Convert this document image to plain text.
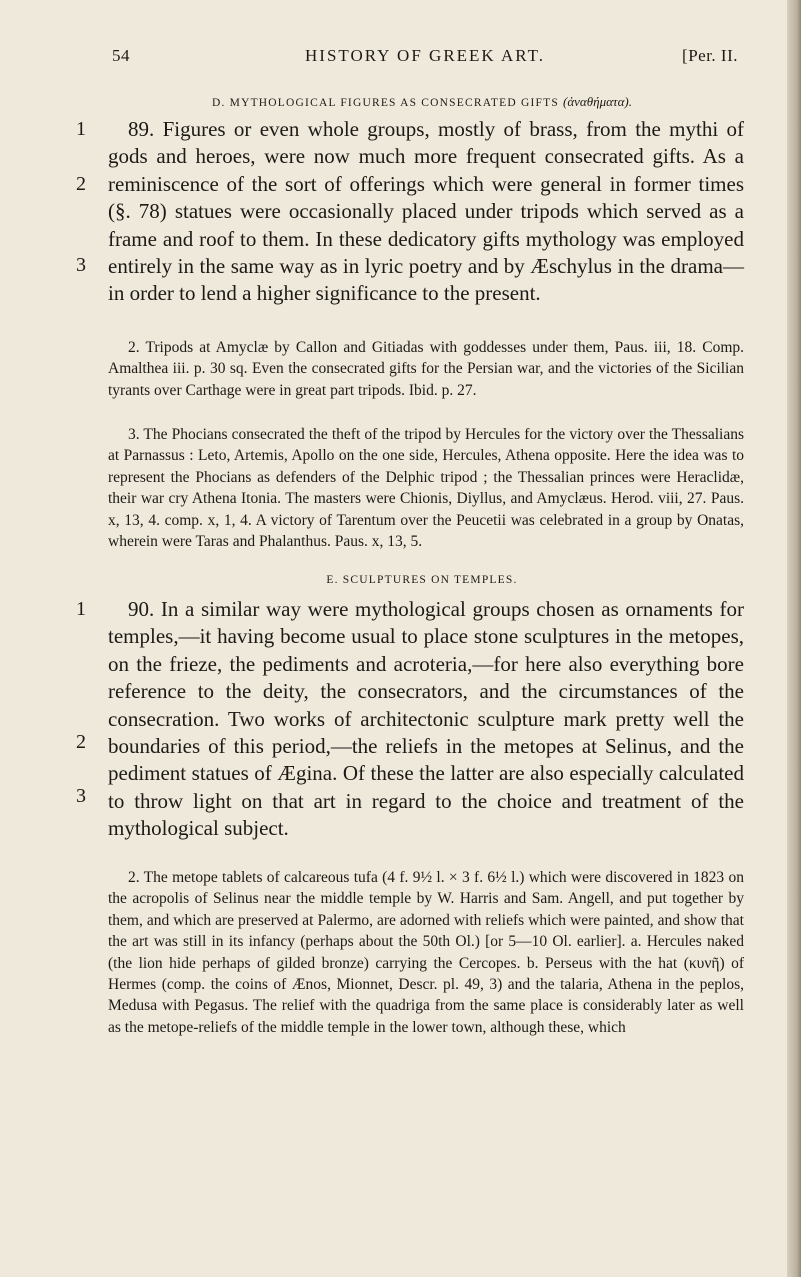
54	HISTORY OF GREEK ART.	[Per. II.
D. MYTHOLOGICAL FIGURES AS CONSECRATED GIFTS (ἀναθήματα).
1
2
3

89. Figures or even whole groups, mostly of brass, from the mythi of gods and heroes, were now much more frequent consecrated gifts. As a reminiscence of the sort of offerings which were general in former times (§. 78) statues were occasionally placed under tripods which served as a frame and roof to them. In these dedicatory gifts mythology was employed entirely in the same way as in lyric poetry and by Æschylus in the drama—in order to lend a higher significance to the present.

2. Tripods at Amyclæ by Callon and Gitiadas with goddesses under them, Paus. iii, 18. Comp. Amalthea iii. p. 30 sq. Even the consecrated gifts for the Persian war, and the victories of the Sicilian tyrants over Carthage were in great part tripods. Ibid. p. 27.

3. The Phocians consecrated the theft of the tripod by Hercules for the victory over the Thessalians at Parnassus : Leto, Artemis, Apollo on the one side, Hercules, Athena opposite. Here the idea was to represent the Phocians as defenders of the Delphic tripod ; the Thessalian princes were Heraclidæ, their war cry Athena Itonia. The masters were Chionis, Diyllus, and Amyclæus. Herod. viii, 27. Paus. x, 13, 4. comp. x, 1, 4. A victory of Tarentum over the Peucetii was celebrated in a group by Onatas, wherein were Taras and Phalanthus. Paus. x, 13, 5.

E. SCULPTURES ON TEMPLES.
1
2
3

90. In a similar way were mythological groups chosen as ornaments for temples,—it having become usual to place stone sculptures in the metopes, on the frieze, the pediments and acroteria,—for here also everything bore reference to the deity, the consecrators, and the circumstances of the consecration. Two works of architectonic sculpture mark pretty well the boundaries of this period,—the reliefs in the metopes at Selinus, and the pediment statues of Ægina. Of these the latter are also especially calculated to throw light on that art in regard to the choice and treatment of the mythological subject.

2. The metope tablets of calcareous tufa (4 f. 9½ l. × 3 f. 6½ l.) which were discovered in 1823 on the acropolis of Selinus near the middle temple by W. Harris and Sam. Angell, and put together by them, and which are preserved at Palermo, are adorned with reliefs which were painted, and show that the art was still in its infancy (perhaps about the 50th Ol.) [or 5—10 Ol. earlier]. a. Hercules naked (the lion hide perhaps of gilded bronze) carrying the Cercopes. b. Perseus with the hat (κυνῆ) of Hermes (comp. the coins of Ænos, Mionnet, Descr. pl. 49, 3) and the talaria, Athena in the peplos, Medusa with Pegasus. The relief with the quadriga from the same place is considerably later as well as the metope-reliefs of the middle temple in the lower town, although these, which
